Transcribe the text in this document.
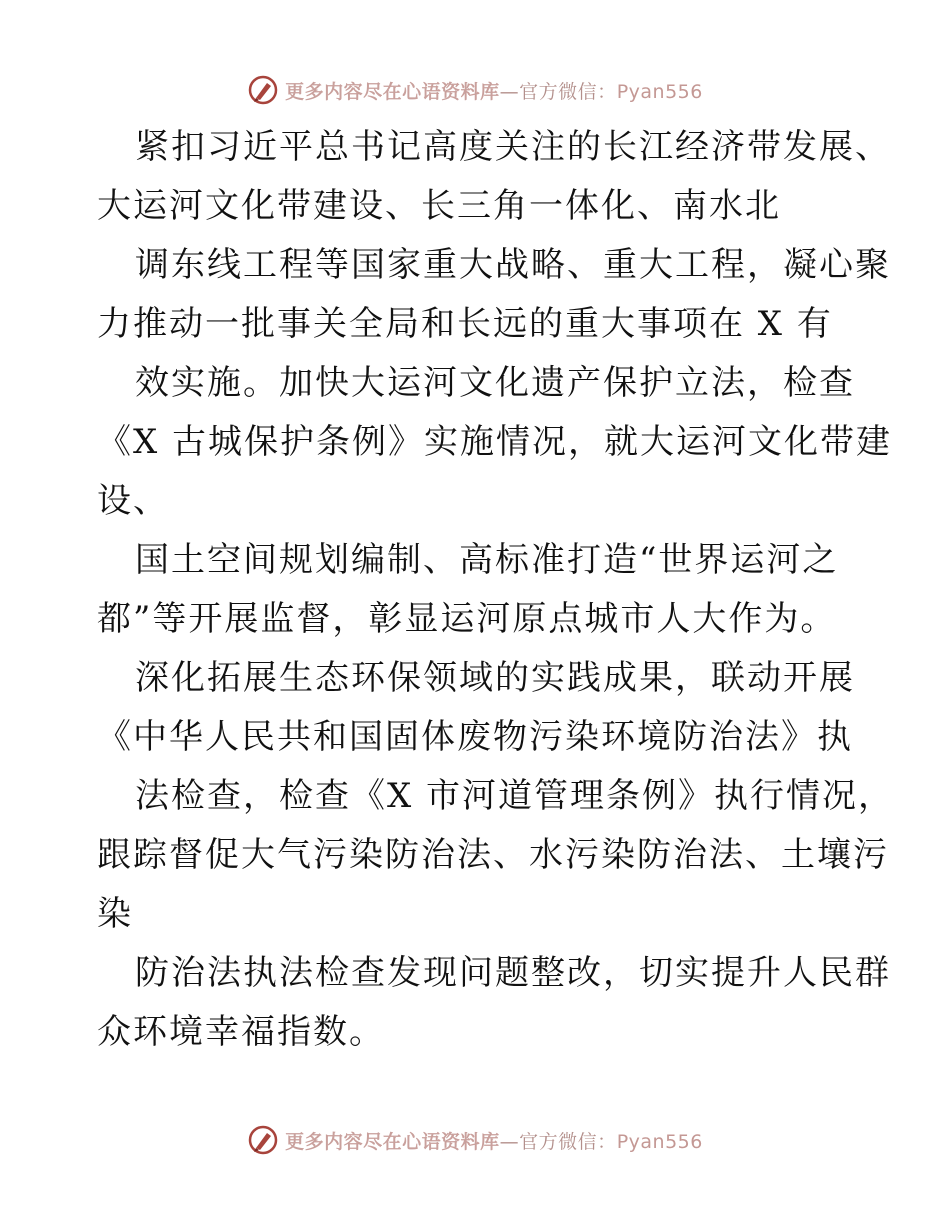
更多内容尽在心语资料库—官方微信：Pyan556
紧扣习近平总书记高度关注的长江经济带发展、
大运河文化带建设、长三角一体化、南水北
调东线工程等国家重大战略、重大工程，凝心聚
力推动一批事关全局和长远的重大事项在 X 有
效实施。加快大运河文化遗产保护立法，检查
《X 古城保护条例》实施情况，就大运河文化带建
设、
国土空间规划编制、高标准打造“世界运河之
都”等开展监督，彰显运河原点城市人大作为。
深化拓展生态环保领域的实践成果，联动开展
《中华人民共和国固体废物污染环境防治法》执
法检查，检查《X 市河道管理条例》执行情况，
跟踪督促大气污染防治法、水污染防治法、土壤污
染
防治法执法检查发现问题整改，切实提升人民群
众环境幸福指数。
更多内容尽在心语资料库—官方微信：Pyan556
